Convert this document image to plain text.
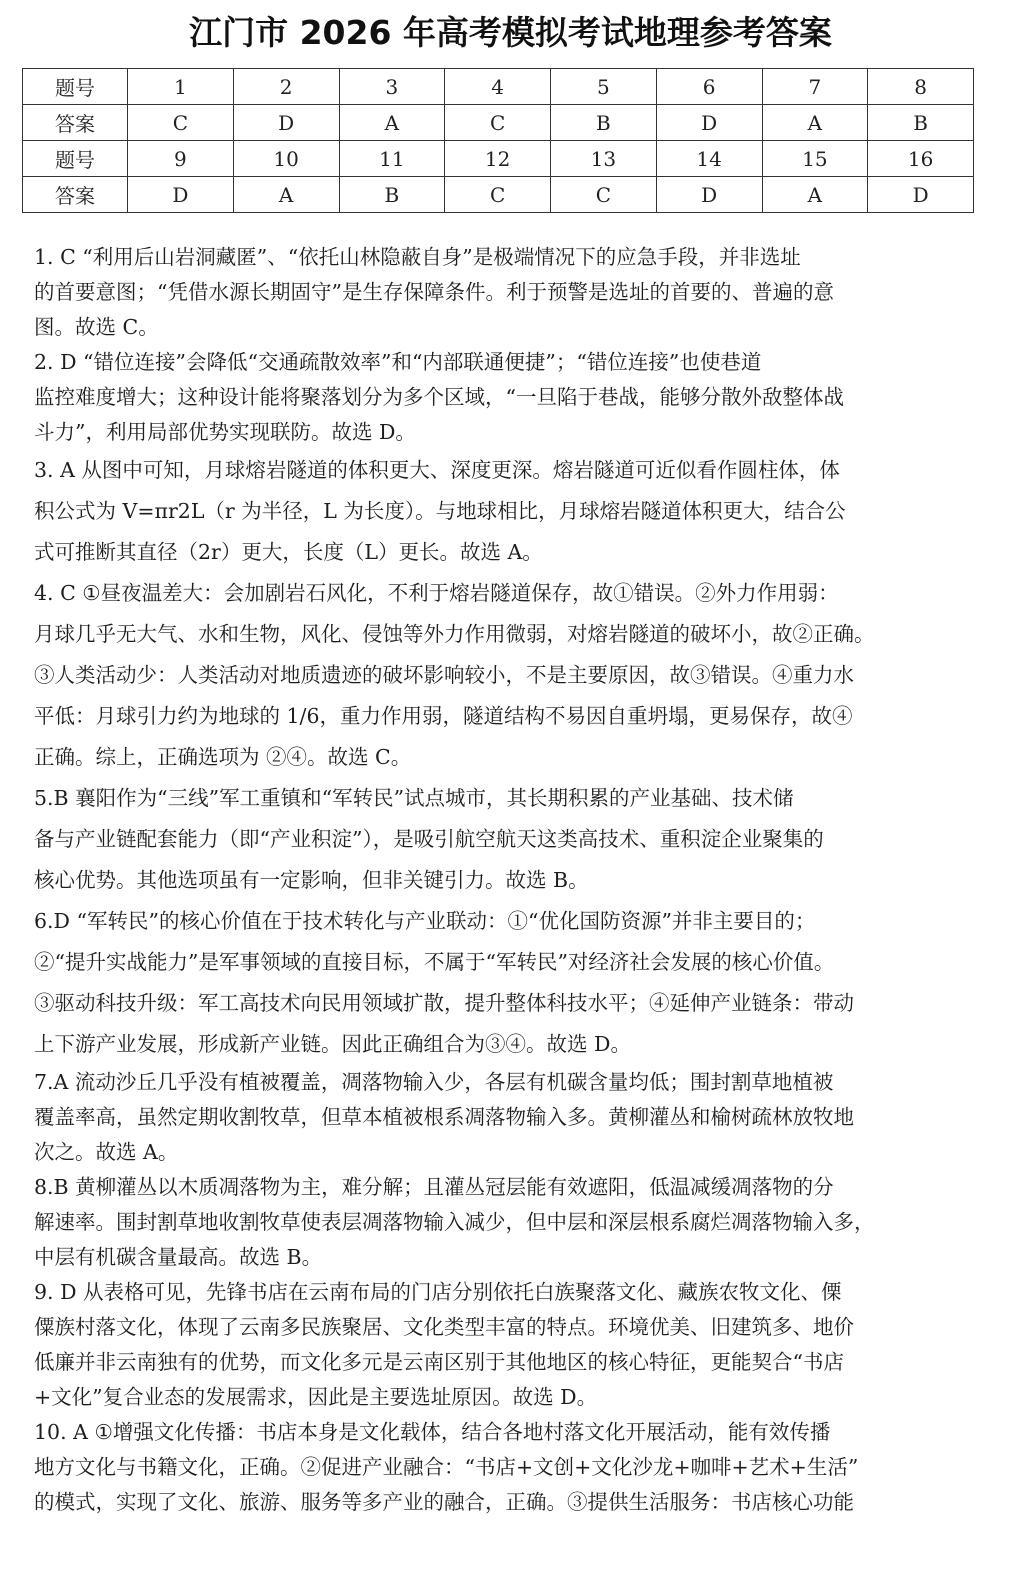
江门市 2026 年高考模拟考试地理参考答案
题号	1	2	3	4	5	6	7	8
答案	C	D	A	C	B	D	A	B
题号	9	10	11	12	13	14	15	16
答案	D	A	B	C	C	D	A	D
1. C “利用后山岩洞藏匿”、“依托山林隐蔽自身”是极端情况下的应急手段，并非选址
的首要意图；“凭借水源长期固守”是生存保障条件。利于预警是选址的首要的、普遍的意
图。故选 C。
2. D “错位连接”会降低“交通疏散效率”和“内部联通便捷”；“错位连接”也使巷道
监控难度增大；这种设计能将聚落划分为多个区域，“一旦陷于巷战，能够分散外敌整体战
斗力”，利用局部优势实现联防。故选 D。
3. A 从图中可知，月球熔岩隧道的体积更大、深度更深。熔岩隧道可近似看作圆柱体，体
积公式为 V=πr2L（r 为半径，L 为长度）。与地球相比，月球熔岩隧道体积更大，结合公
式可推断其直径（2r）更大，长度（L）更长。故选 A。
4. C ①昼夜温差大：会加剧岩石风化，不利于熔岩隧道保存，故①错误。②外力作用弱：
月球几乎无大气、水和生物，风化、侵蚀等外力作用微弱，对熔岩隧道的破坏小，故②正确。
③人类活动少：人类活动对地质遗迹的破坏影响较小，不是主要原因，故③错误。④重力水
平低：月球引力约为地球的 1/6，重力作用弱，隧道结构不易因自重坍塌，更易保存，故④
正确。综上，正确选项为 ②④。故选 C。
5.B 襄阳作为“三线”军工重镇和“军转民”试点城市，其长期积累的产业基础、技术储
备与产业链配套能力（即“产业积淀”），是吸引航空航天这类高技术、重积淀企业聚集的
核心优势。其他选项虽有一定影响，但非关键引力。故选 B。
6.D “军转民”的核心价值在于技术转化与产业联动：①“优化国防资源”并非主要目的；
②“提升实战能力”是军事领域的直接目标，不属于“军转民”对经济社会发展的核心价值。
③驱动科技升级：军工高技术向民用领域扩散，提升整体科技水平；④延伸产业链条：带动
上下游产业发展，形成新产业链。因此正确组合为③④。故选 D。
7.A 流动沙丘几乎没有植被覆盖，凋落物输入少，各层有机碳含量均低；围封割草地植被
覆盖率高，虽然定期收割牧草，但草本植被根系凋落物输入多。黄柳灌丛和榆树疏林放牧地
次之。故选 A。
8.B 黄柳灌丛以木质凋落物为主，难分解；且灌丛冠层能有效遮阳，低温减缓凋落物的分
解速率。围封割草地收割牧草使表层凋落物输入减少，但中层和深层根系腐烂凋落物输入多，
中层有机碳含量最高。故选 B。
9. D 从表格可见，先锋书店在云南布局的门店分别依托白族聚落文化、藏族农牧文化、傈
僳族村落文化，体现了云南多民族聚居、文化类型丰富的特点。环境优美、旧建筑多、地价
低廉并非云南独有的优势，而文化多元是云南区别于其他地区的核心特征，更能契合“书店
+文化”复合业态的发展需求，因此是主要选址原因。故选 D。
10. A ①增强文化传播：书店本身是文化载体，结合各地村落文化开展活动，能有效传播
地方文化与书籍文化，正确。②促进产业融合：“书店+文创+文化沙龙+咖啡+艺术+生活”
的模式，实现了文化、旅游、服务等多产业的融合，正确。③提供生活服务：书店核心功能
